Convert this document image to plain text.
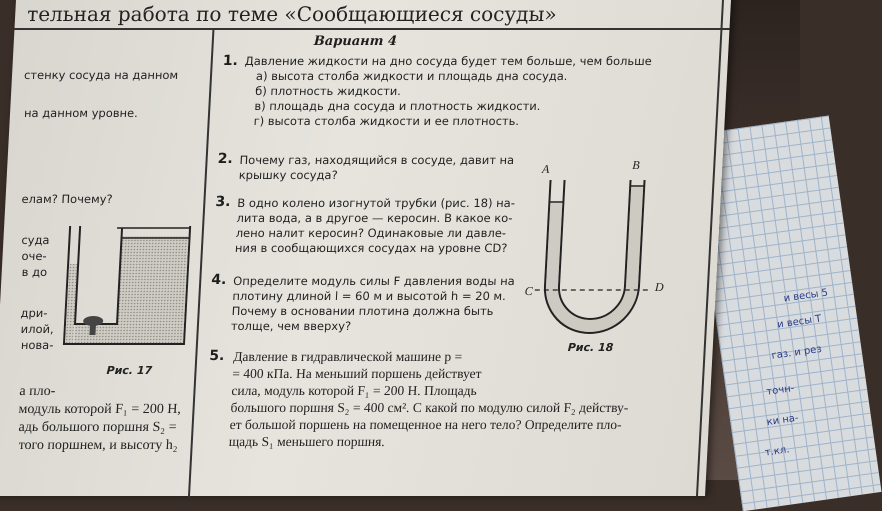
и весы 5
и весы Т
газ. и рез
точн-
ки на-
т.кл.
тельная работа по теме «Сообщающиеся сосуды»
Вариант 4
стенку сосуда на данном
на данном уровне.
елам? Почему?
суда
оче-
в до
дри-
илой,
нова-
а пло-
модуль которой F₁ = 200 Н,
адь большого поршня S₂ =
того поршнем, и высоту h₂
Рис. 17
1. Давление жидкости на дно сосуда будет тем больше, чем больше
а) высота столба жидкости и площадь дна сосуда.
б) плотность жидкости.
в) площадь дна сосуда и плотность жидкости.
г) высота столба жидкости и ее плотность.
2. Почему газ, находящийся в сосуде, давит на
крышку сосуда?
3. В одно колено изогнутой трубки (рис. 18) на-
лита вода, а в другое — керосин. В какое ко-
лено налит керосин? Одинаковые ли давле-
ния в сообщающихся сосудах на уровне CD?
4. Определите модуль силы F давления воды на
плотину длиной l = 60 м и высотой h = 20 м.
Почему в основании плотина должна быть
толще, чем вверху?
5. Давление в гидравлической машине p =
= 400 кПа. На меньший поршень действует
сила, модуль которой F₁ = 200 Н. Площадь
большого поршня S₂ = 400 см². С какой по модулю силой F₂ действу-
ет большой поршень на помещенное на него тело? Определите пло-
щадь S₁ меньшего поршня.
A	B
C	D
Рис. 18
